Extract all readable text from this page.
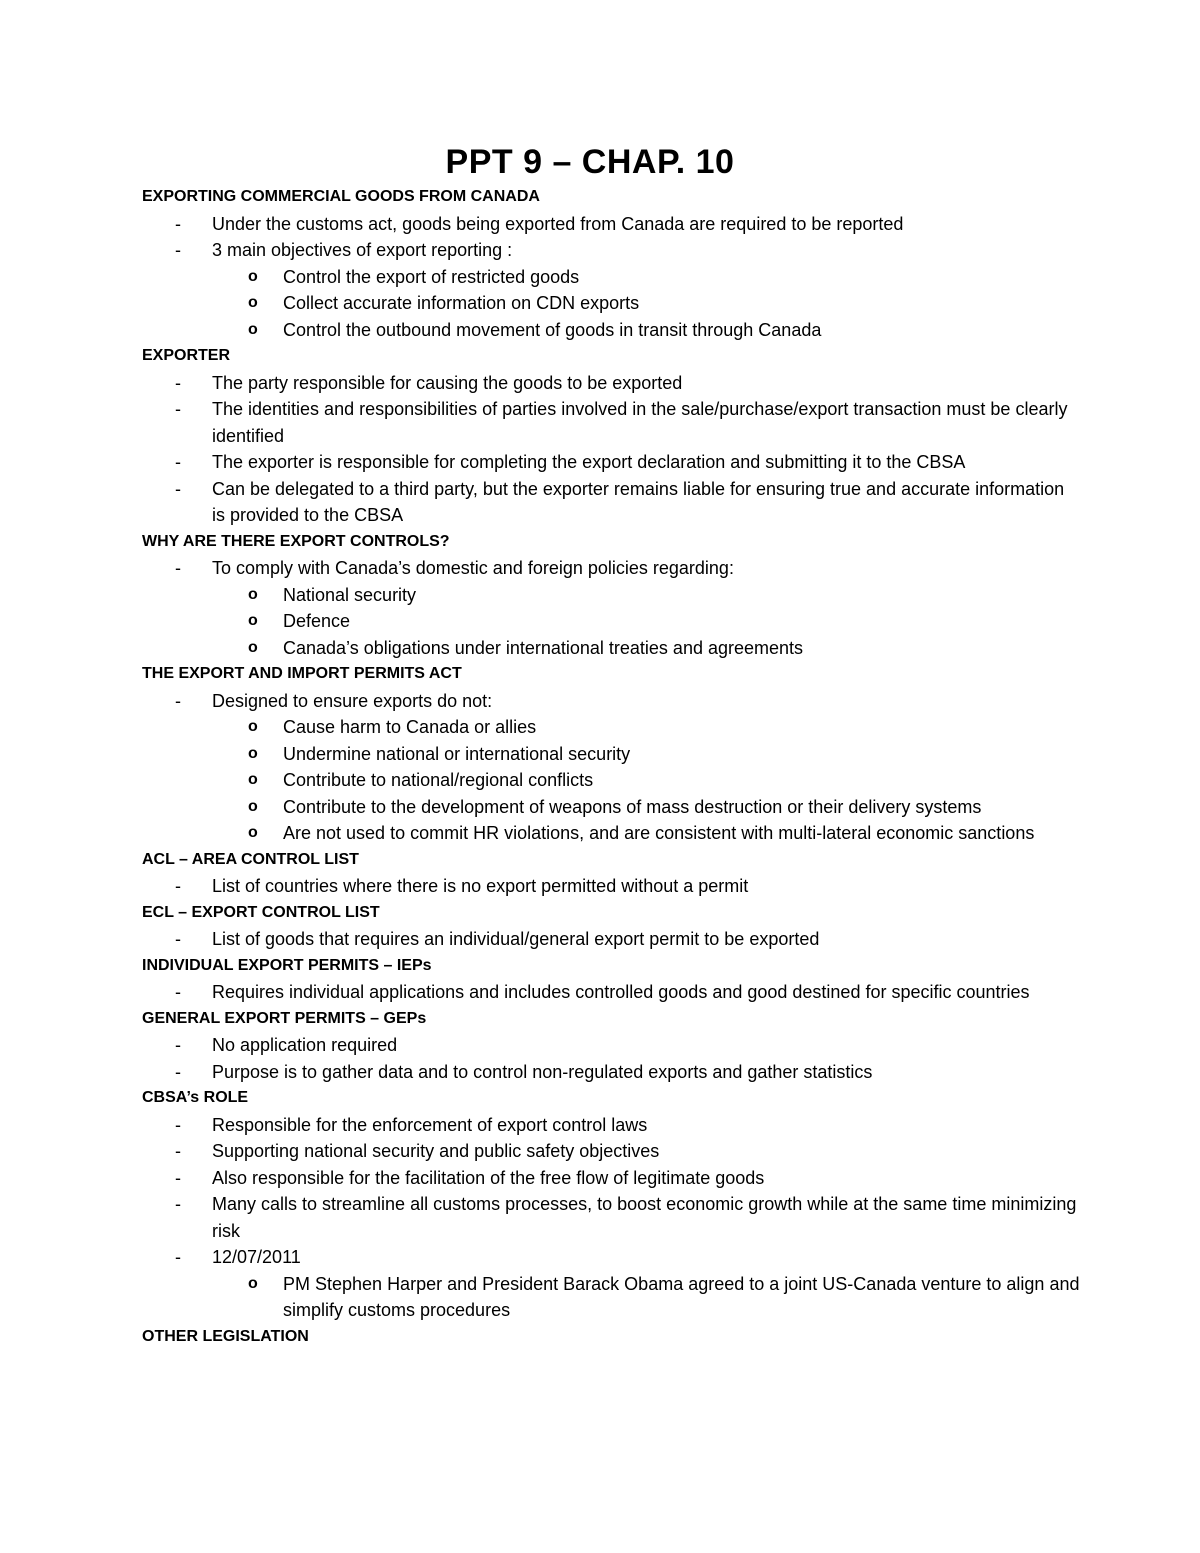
PPT 9 – CHAP. 10
EXPORTING COMMERCIAL GOODS FROM CANADA
- Under the customs act, goods being exported from Canada are required to be reported
- 3 main objectives of export reporting :
o Control the export of restricted goods
o Collect accurate information on CDN exports
o Control the outbound movement of goods in transit through Canada
EXPORTER
- The party responsible for causing the goods to be exported
- The identities and responsibilities of parties involved in the sale/purchase/export transaction must be clearly identified
- The exporter is responsible for completing the export declaration and submitting it to the CBSA
- Can be delegated to a third party, but the exporter remains liable for ensuring true and accurate information is provided to the CBSA
WHY ARE THERE EXPORT CONTROLS?
- To comply with Canada’s domestic and foreign policies regarding:
o National security
o Defence
o Canada’s obligations under international treaties and agreements
THE EXPORT AND IMPORT PERMITS ACT
- Designed to ensure exports do not:
o Cause harm to Canada or allies
o Undermine national or international security
o Contribute to national/regional conflicts
o Contribute to the development of weapons of mass destruction or their delivery systems
o Are not used to commit HR violations, and are consistent with multi-lateral economic sanctions
ACL – AREA CONTROL LIST
- List of countries where there is no export permitted without a permit
ECL – EXPORT CONTROL LIST
- List of goods that requires an individual/general export permit to be exported
INDIVIDUAL EXPORT PERMITS – IEPs
- Requires individual applications and includes controlled goods and good destined for specific countries
GENERAL EXPORT PERMITS – GEPs
- No application required
- Purpose is to gather data and to control non-regulated exports and gather statistics
CBSA’s ROLE
- Responsible for the enforcement of export control laws
- Supporting national security and public safety objectives
- Also responsible for the facilitation of the free flow of legitimate goods
- Many calls to streamline all customs processes, to boost economic growth while at the same time minimizing risk
- 12/07/2011
o PM Stephen Harper and President Barack Obama agreed to a joint US-Canada venture to align and simplify customs procedures
OTHER LEGISLATION
